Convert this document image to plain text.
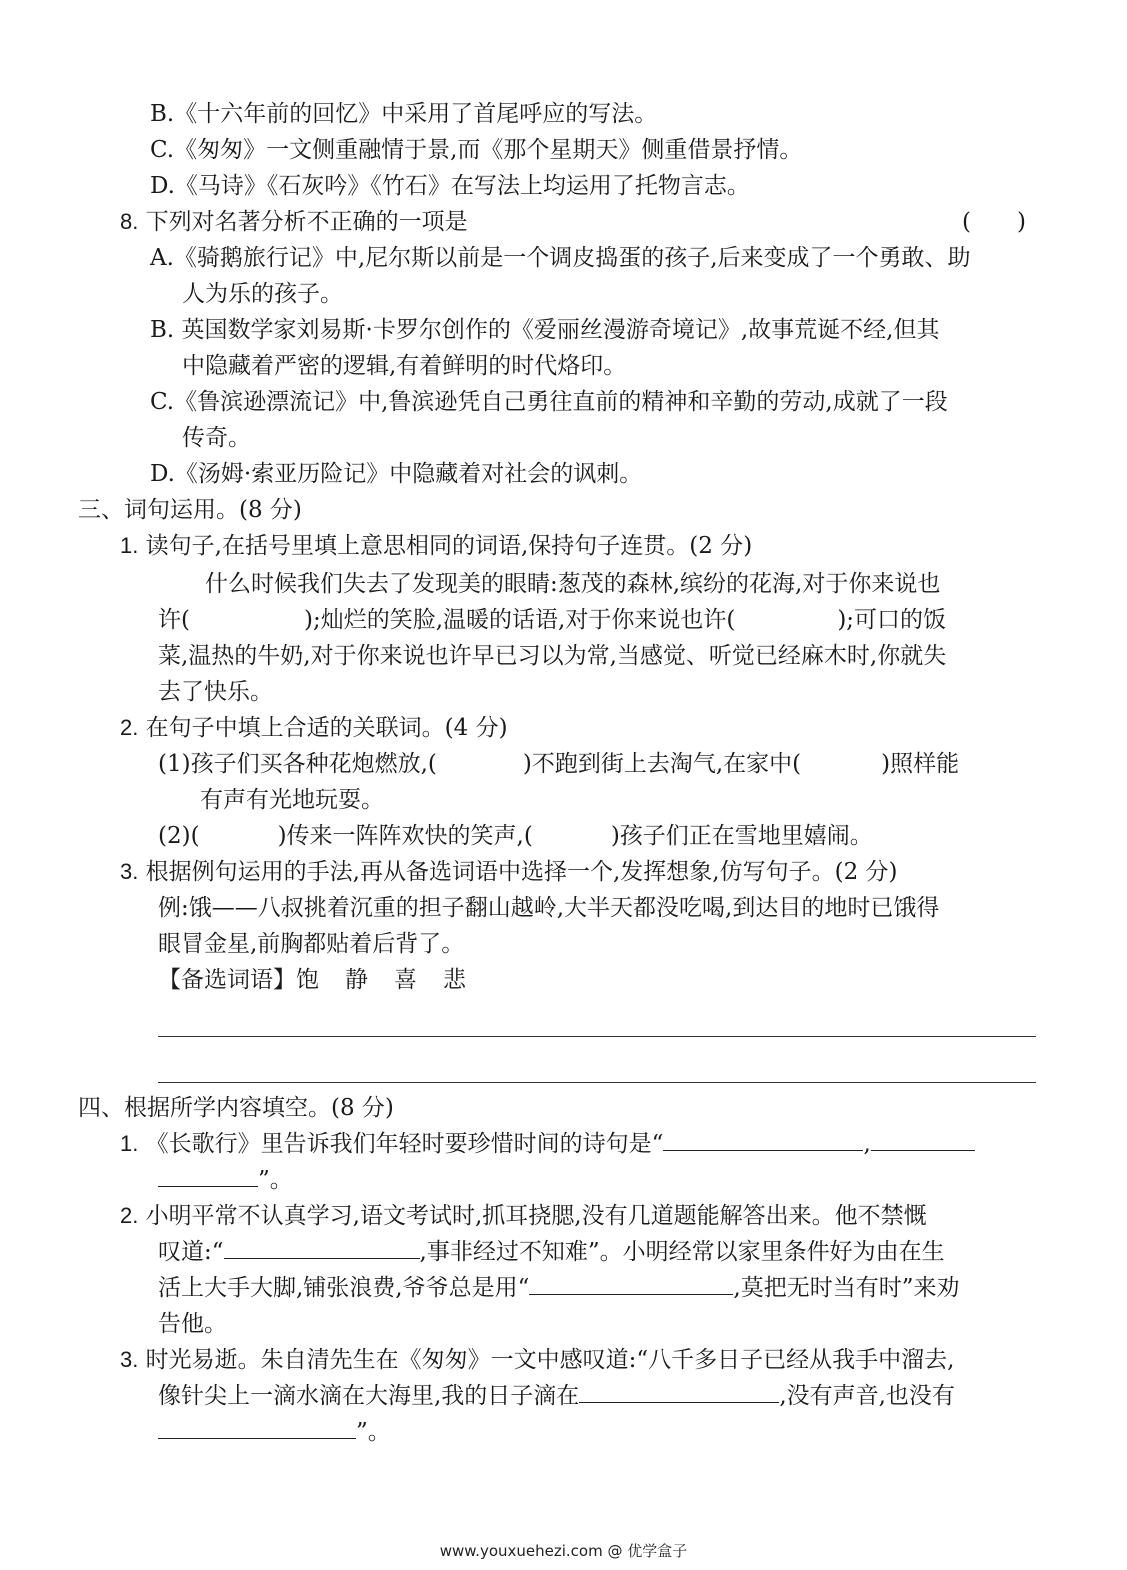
B.《十六年前的回忆》中采用了首尾呼应的写法。
C.《匆匆》一文侧重融情于景,而《那个星期天》侧重借景抒情。
D.《马诗》《石灰吟》《竹石》在写法上均运用了托物言志。
8. 下列对名著分析不正确的一项是	(　　)
A.《骑鹅旅行记》中,尼尔斯以前是一个调皮捣蛋的孩子,后来变成了一个勇敢、助
人为乐的孩子。
B. 英国数学家刘易斯·卡罗尔创作的《爱丽丝漫游奇境记》,故事荒诞不经,但其
中隐藏着严密的逻辑,有着鲜明的时代烙印。
C.《鲁滨逊漂流记》中,鲁滨逊凭自己勇往直前的精神和辛勤的劳动,成就了一段
传奇。
D.《汤姆·索亚历险记》中隐藏着对社会的讽刺。
三、词句运用。(8 分)
1. 读句子,在括号里填上意思相同的词语,保持句子连贯。(2 分)
什么时候我们失去了发现美的眼睛:葱茂的森林,缤纷的花海,对于你来说也
许(	);灿烂的笑脸,温暖的话语,对于你来说也许(	);可口的饭
菜,温热的牛奶,对于你来说也许早已习以为常,当感觉、听觉已经麻木时,你就失
去了快乐。
2. 在句子中填上合适的关联词。(4 分)
(1)孩子们买各种花炮燃放,(	)不跑到街上去淘气,在家中(	)照样能
有声有光地玩耍。
(2)(	)传来一阵阵欢快的笑声,(	)孩子们正在雪地里嬉闹。
3. 根据例句运用的手法,再从备选词语中选择一个,发挥想象,仿写句子。(2 分)
例:饿——八叔挑着沉重的担子翻山越岭,大半天都没吃喝,到达目的地时已饿得
眼冒金星,前胸都贴着后背了。
【备选词语】饱 静 喜 悲
四、根据所学内容填空。(8 分)
1. 《长歌行》里告诉我们年轻时要珍惜时间的诗句是“	,
”。
2. 小明平常不认真学习,语文考试时,抓耳挠腮,没有几道题能解答出来。他不禁慨
叹道:“	,事非经过不知难”。小明经常以家里条件好为由在生
活上大手大脚,铺张浪费,爷爷总是用“	,莫把无时当有时”来劝
告他。
3. 时光易逝。朱自清先生在《匆匆》一文中感叹道:“八千多日子已经从我手中溜去,
像针尖上一滴水滴在大海里,我的日子滴在	,没有声音,也没有
”。
www.youxuehezi.com @ 优学盒子
